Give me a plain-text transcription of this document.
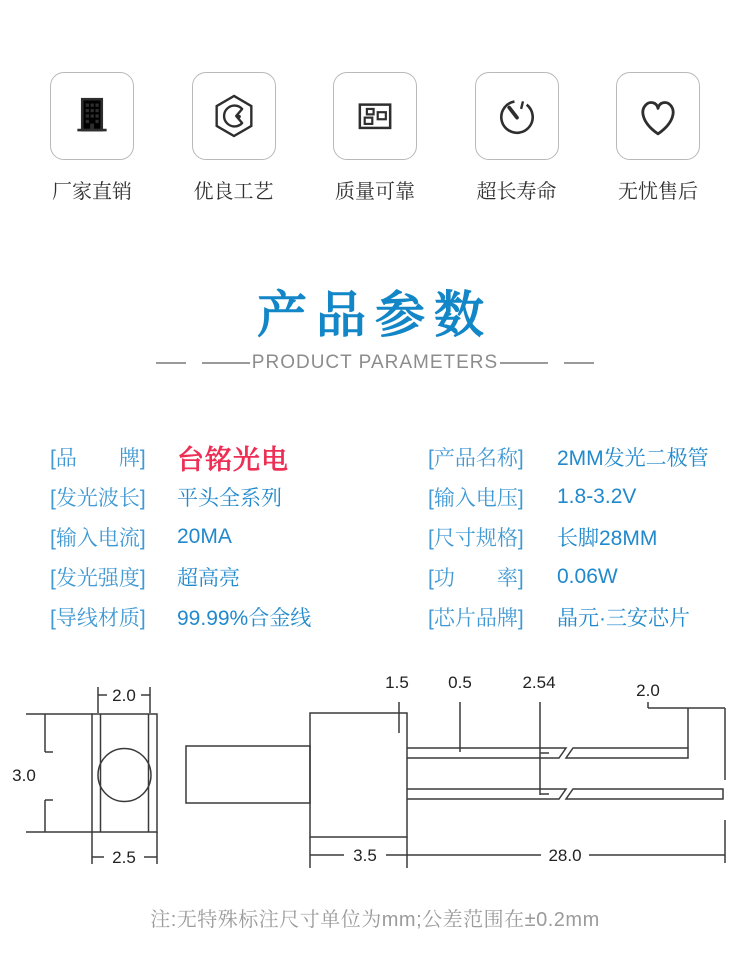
厂家直销	优良工艺	质量可靠	超长寿命	无忧售后
产品参数
PRODUCT PARAMETERS
[品　　牌]	台铭光电
[发光波长]	平头全系列
[输入电流]	20MA
[发光强度]	超高亮
[导线材质]	99.99%合金线
[产品名称]	2MM发光二极管
[输入电压]	1.8-3.2V
[尺寸规格]	长脚28MM
[功　　率]	0.06W
[芯片品牌]	晶元·三安芯片
2.0
3.0
2.5
1.5 0.5	2.54	2.0
3.5	28.0
注:无特殊标注尺寸单位为mm;公差范围在±0.2mm
